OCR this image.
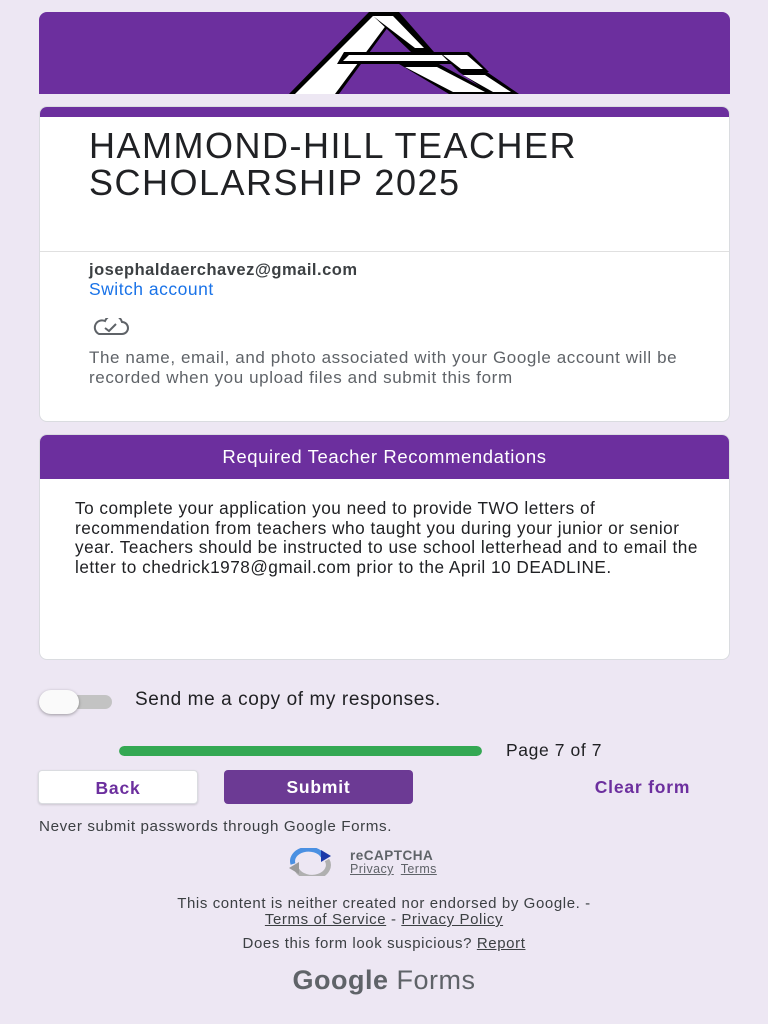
HAMMOND-HILL TEACHER SCHOLARSHIP 2025
josephaldaerchavez@gmail.com
Switch account
The name, email, and photo associated with your Google account will be recorded when you upload files and submit this form
Required Teacher Recommendations
To complete your application you need to provide TWO letters of recommendation from teachers who taught you during your junior or senior year. Teachers should be instructed to use school letterhead and to email the letter to chedrick1978@gmail.com prior to the April 10 DEADLINE.
Send me a copy of my responses.
Page 7 of 7
Back	Submit	Clear form
Never submit passwords through Google Forms.
reCAPTCHA
Privacy Terms
This content is neither created nor endorsed by Google. -
Terms of Service - Privacy Policy
Does this form look suspicious? Report
Google Forms
